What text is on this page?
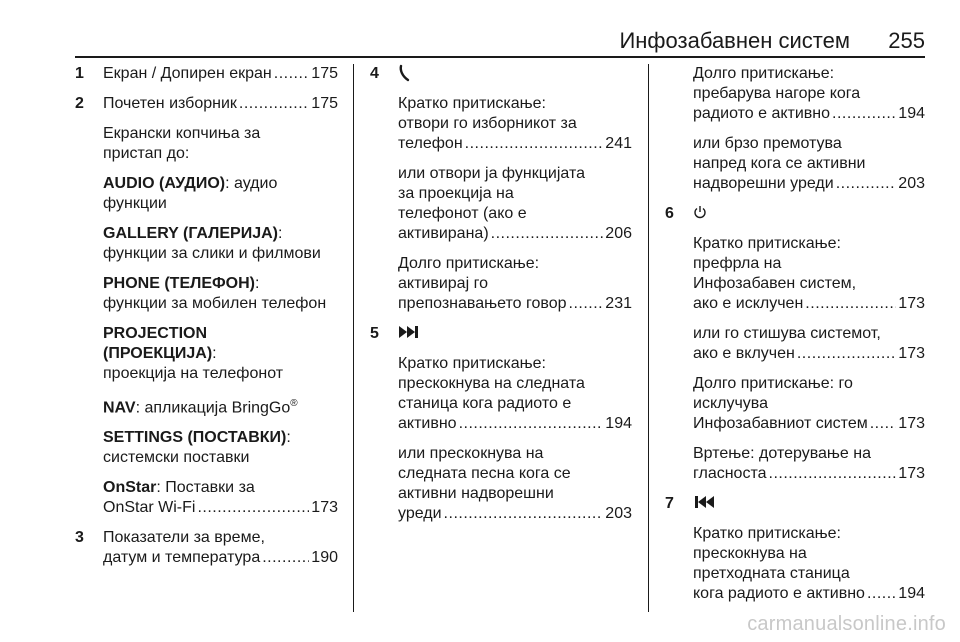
Инфозабавнен систем 255
1 Екран / Допирен екран ..... 175
2 Почетен изборник .....	175
Екрански копчиња за
пристап до:
AUDIO (АУДИО): аудио
функции
GALLERY (ГАЛЕРИЈА):
функции за слики и филмови
PHONE (ТЕЛЕФОН):
функции за мобилен телефон
PROJECTION
(ПРОЕКЦИЈА):
проекција на телефонот
NAV: апликација BringGo®
SETTINGS (ПОСТАВКИ):
системски поставки
OnStar: Поставки за
OnStar Wi-Fi .....	173
3 Показатели за време,
датум и температура .....	190
4
Кратко притискање:
отвори го изборникот за
телефон .....	241
или отвори ја функцијата
за проекција на
телефонот (ако е
активирана) .....	206
Долго притискање:
активирај го
препознавањето говор ..... 231
5
Кратко притискање:
прескокнува на следната
станица кога радиото е
активно .....	194
или прескокнува на
следната песна кога се
активни надворешни
уреди .....	203
Долго притискање:
пребарува нагоре кога
радиото е активно .....	194
или брзо премотува
напред кога се активни
надворешни уреди .....	203
6
Кратко притискање:
префрла на
Инфозабавен систем,
ако е исклучен .....	173
или го стишува системот,
ако е вклучен .....	173
Долго притискање: го
исклучува
Инфозабавниот систем ..... 173
Вртење: дотерување на
гласноста .....	173
7
Кратко притискање:
прескокнува на
претходната станица
кога радиото е активно ..... 194
carmanualsonline.info
